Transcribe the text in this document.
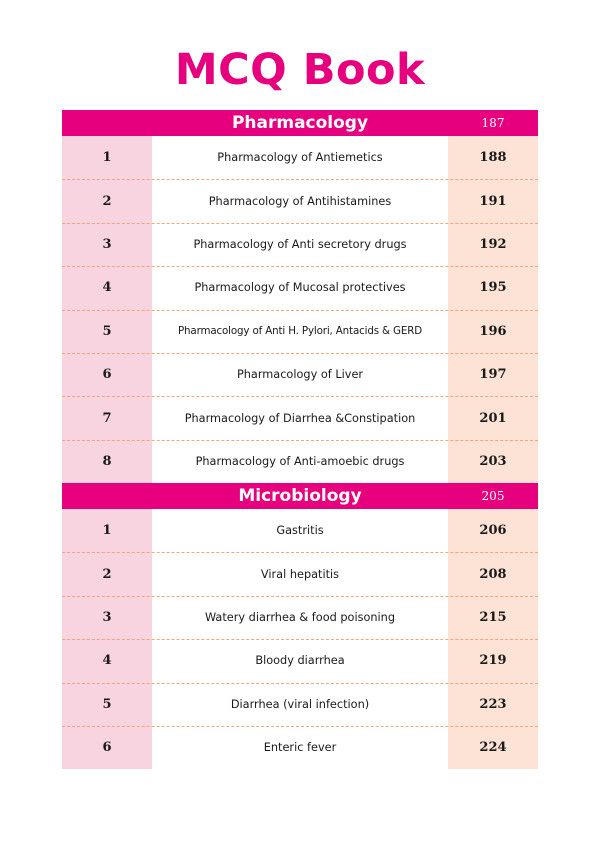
MCQ Book
Pharmacology	187
1	Pharmacology of Antiemetics	188
2	Pharmacology of Antihistamines	191
3	Pharmacology of Anti secretory drugs	192
4	Pharmacology of Mucosal protectives	195
5	Pharmacology of Anti H. Pylori, Antacids & GERD	196
6	Pharmacology of Liver	197
7	Pharmacology of Diarrhea &Constipation	201
8	Pharmacology of Anti-amoebic drugs	203
Microbiology	205
1	Gastritis	206
2	Viral hepatitis	208
3	Watery diarrhea & food poisoning	215
4	Bloody diarrhea	219
5	Diarrhea (viral infection)	223
6	Enteric fever	224
